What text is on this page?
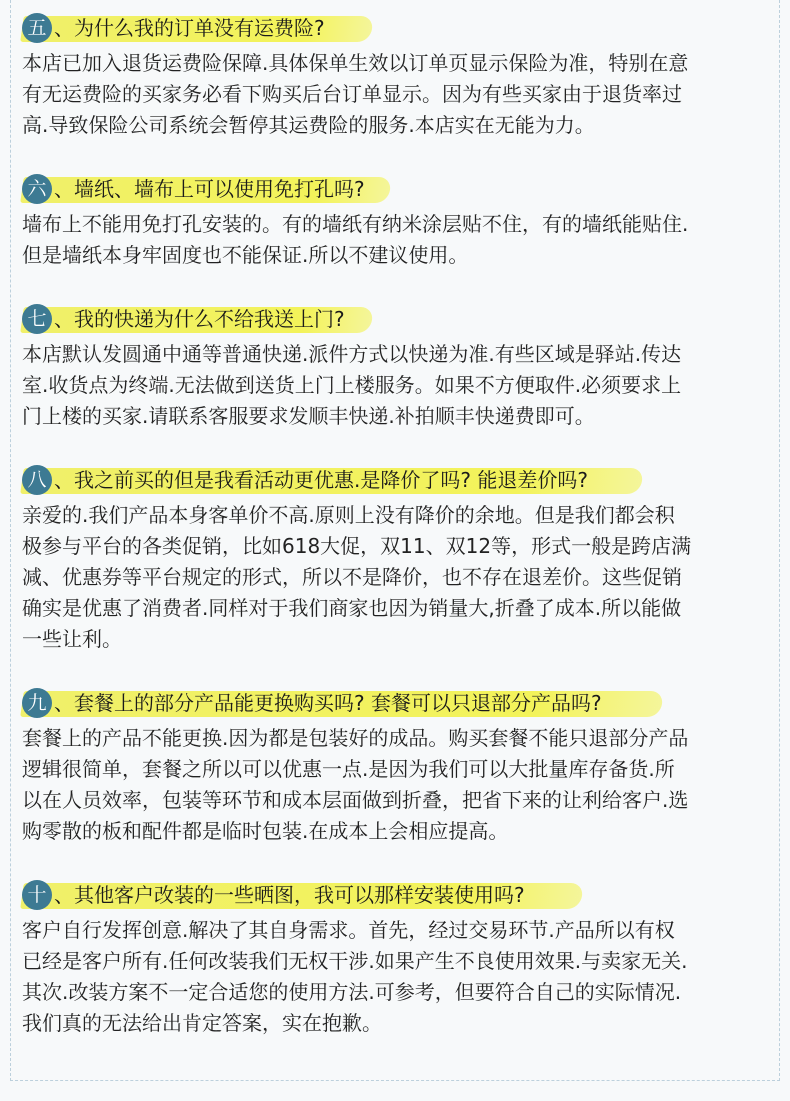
五 、为什么我的订单没有运费险?
本店已加入退货运费险保障.具体保单生效以订单页显示保险为准，特别在意
有无运费险的买家务必看下购买后台订单显示。因为有些买家由于退货率过
高.导致保险公司系统会暂停其运费险的服务.本店实在无能为力。
六 、墙纸、墙布上可以使用免打孔吗?
墙布上不能用免打孔安装的。有的墙纸有纳米涂层贴不住，有的墙纸能贴住.
但是墙纸本身牢固度也不能保证.所以不建议使用。
七 、我的快递为什么不给我送上门?
本店默认发圆通中通等普通快递.派件方式以快递为准.有些区域是驿站.传达
室.收货点为终端.无法做到送货上门上楼服务。如果不方便取件.必须要求上
门上楼的买家.请联系客服要求发顺丰快递.补拍顺丰快递费即可。
八 、我之前买的但是我看活动更优惠.是降价了吗? 能退差价吗?
亲爱的.我们产品本身客单价不高.原则上没有降价的余地。但是我们都会积
极参与平台的各类促销，比如618大促，双11、双12等，形式一般是跨店满
减、优惠券等平台规定的形式，所以不是降价，也不存在退差价。这些促销
确实是优惠了消费者.同样对于我们商家也因为销量大,折叠了成本.所以能做
一些让利。
九 、套餐上的部分产品能更换购买吗? 套餐可以只退部分产品吗?
套餐上的产品不能更换.因为都是包装好的成品。购买套餐不能只退部分产品
逻辑很简单，套餐之所以可以优惠一点.是因为我们可以大批量库存备货.所
以在人员效率，包装等环节和成本层面做到折叠，把省下来的让利给客户.选
购零散的板和配件都是临时包装.在成本上会相应提高。
十 、其他客户改装的一些晒图，我可以那样安装使用吗?
客户自行发挥创意.解决了其自身需求。首先，经过交易环节.产品所以有权
已经是客户所有.任何改装我们无权干涉.如果产生不良使用效果.与卖家无关.
其次.改装方案不一定合适您的使用方法.可参考，但要符合自己的实际情况.
我们真的无法给出肯定答案，实在抱歉。
